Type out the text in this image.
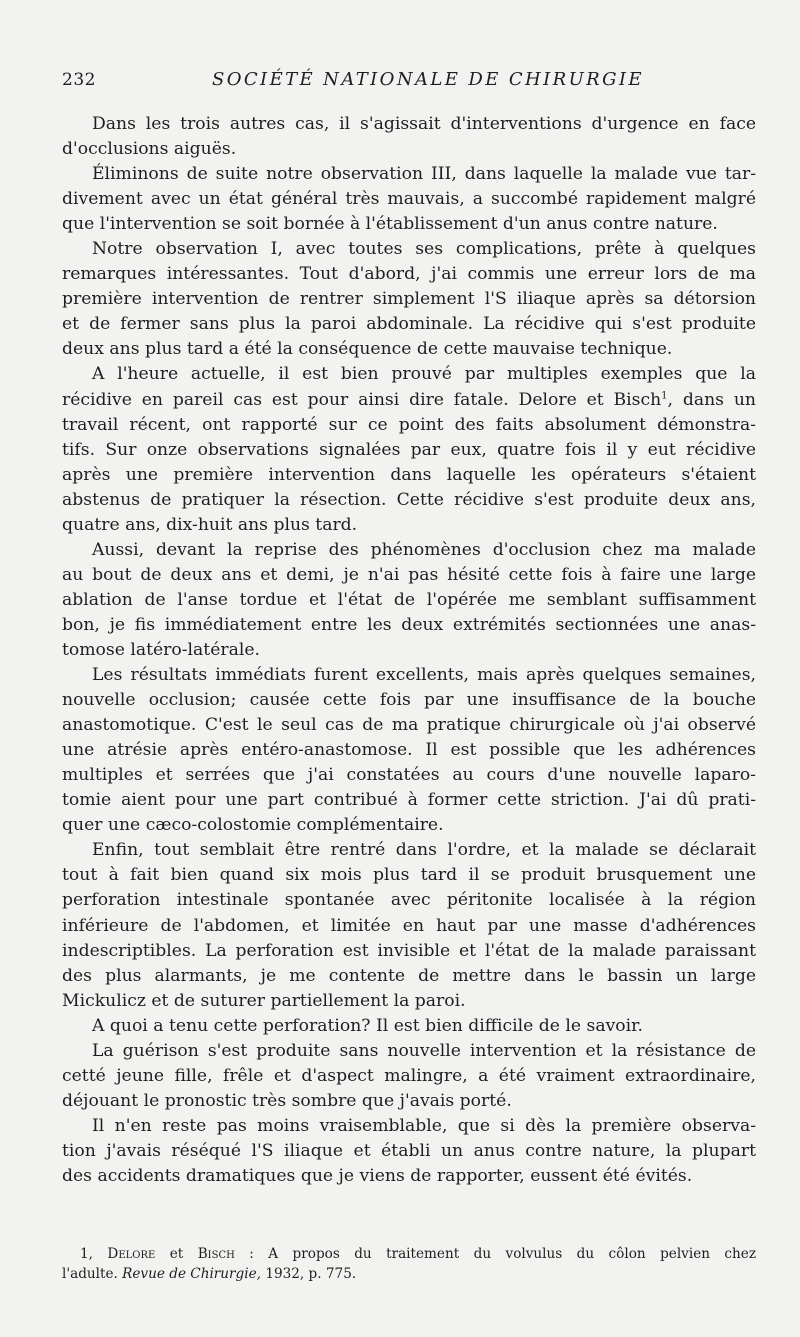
232	SOCIÉTÉ NATIONALE DE CHIRURGIE
Dans les trois autres cas, il s'agissait d'interventions d'urgence en face
d'occlusions aiguës.
Éliminons de suite notre observation III, dans laquelle la malade vue tar-
divement avec un état général très mauvais, a succombé rapidement malgré
que l'intervention se soit bornée à l'établissement d'un anus contre nature.
Notre observation I, avec toutes ses complications, prête à quelques
remarques intéressantes. Tout d'abord, j'ai commis une erreur lors de ma
première intervention de rentrer simplement l'S iliaque après sa détorsion
et de fermer sans plus la paroi abdominale. La récidive qui s'est produite
deux ans plus tard a été la conséquence de cette mauvaise technique.
A l'heure actuelle, il est bien prouvé par multiples exemples que la
récidive en pareil cas est pour ainsi dire fatale. Delore et Bisch$^1$, dans un
travail récent, ont rapporté sur ce point des faits absolument démonstra-
tifs. Sur onze observations signalées par eux, quatre fois il y eut récidive
après une première intervention dans laquelle les opérateurs s'étaient
abstenus de pratiquer la résection. Cette récidive s'est produite deux ans,
quatre ans, dix-huit ans plus tard.
Aussi, devant la reprise des phénomènes d'occlusion chez ma malade
au bout de deux ans et demi, je n'ai pas hésité cette fois à faire une large
ablation de l'anse tordue et l'état de l'opérée me semblant suffisamment
bon, je fis immédiatement entre les deux extrémités sectionnées une anas-
tomose latéro-latérale.
Les résultats immédiats furent excellents, mais après quelques semaines,
nouvelle occlusion; causée cette fois par une insuffisance de la bouche
anastomotique. C'est le seul cas de ma pratique chirurgicale où j'ai observé
une atrésie après entéro-anastomose. Il est possible que les adhérences
multiples et serrées que j'ai constatées au cours d'une nouvelle laparo-
tomie aient pour une part contribué à former cette striction. J'ai dû prati-
quer une cæco-colostomie complémentaire.
Enfin, tout semblait être rentré dans l'ordre, et la malade se déclarait
tout à fait bien quand six mois plus tard il se produit brusquement une
perforation intestinale spontanée avec péritonite localisée à la région
inférieure de l'abdomen, et limitée en haut par une masse d'adhérences
indescriptibles. La perforation est invisible et l'état de la malade paraissant
des plus alarmants, je me contente de mettre dans le bassin un large
Mickulicz et de suturer partiellement la paroi.
A quoi a tenu cette perforation? Il est bien difficile de le savoir.
La guérison s'est produite sans nouvelle intervention et la résistance de
cetté jeune fille, frêle et d'aspect malingre, a été vraiment extraordinaire,
déjouant le pronostic très sombre que j'avais porté.
Il n'en reste pas moins vraisemblable, que si dès la première observa-
tion j'avais réséqué l'S iliaque et établi un anus contre nature, la plupart
des accidents dramatiques que je viens de rapporter, eussent été évités.
1, Delore et Bisch : A propos du traitement du volvulus du côlon pelvien chez
l'adulte. Revue de Chirurgie, 1932, p. 775.
